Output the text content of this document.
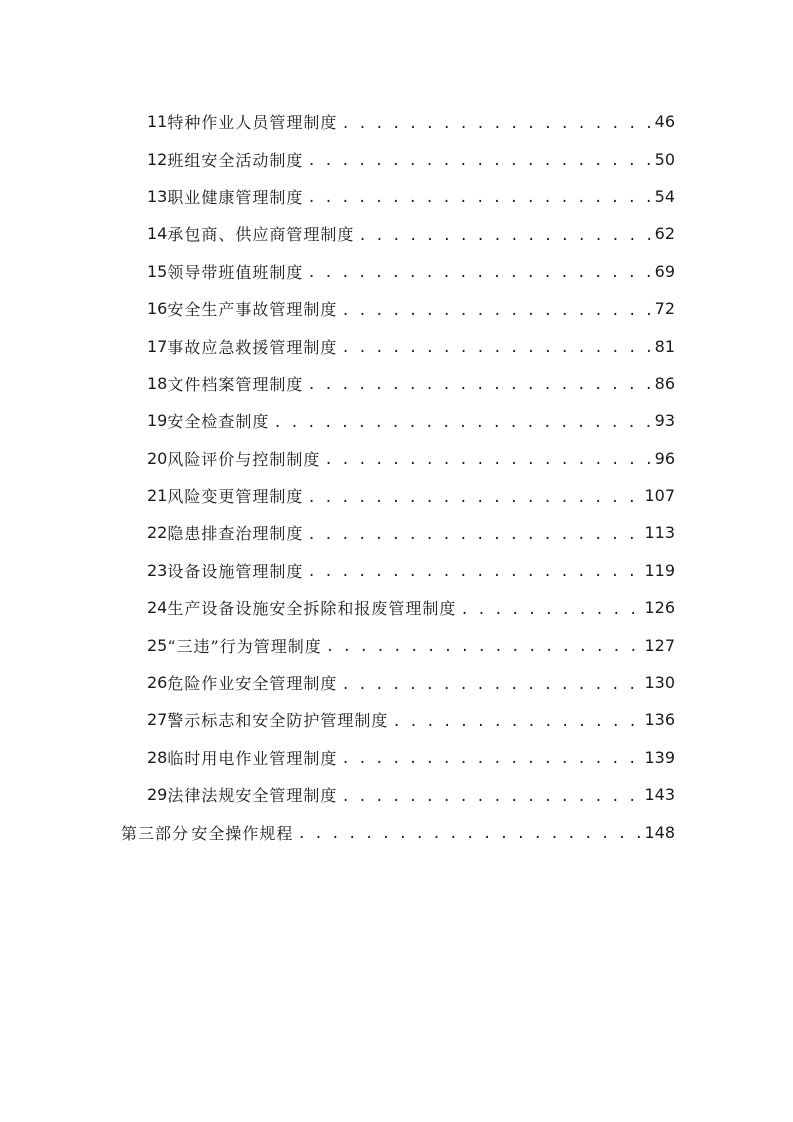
11 特种作业人员管理制度 . . .	46
12 班组安全活动制度 . . .	50
13 职业健康管理制度 . . .	54
14 承包商、供应商管理制度 . . .	62
15 领导带班值班制度 . . .	69
16 安全生产事故管理制度 . . .	72
17 事故应急救援管理制度 . . .	81
18 文件档案管理制度 . . .	86
19 安全检查制度 . . .	93
20 风险评价与控制制度 . . .	96
21 风险变更管理制度 . . .	107
22 隐患排查治理制度 . . .	113
23 设备设施管理制度 . . .	119
24 生产设备设施安全拆除和报废管理制度 . . .	126
25 “三违”行为管理制度 . . .	127
26 危险作业安全管理制度 . . .	130
27 警示标志和安全防护管理制度 . . .	136
28 临时用电作业管理制度 . . .	139
29 法律法规安全管理制度 . . .	143
第三部分 安全操作规程 . . .	148
